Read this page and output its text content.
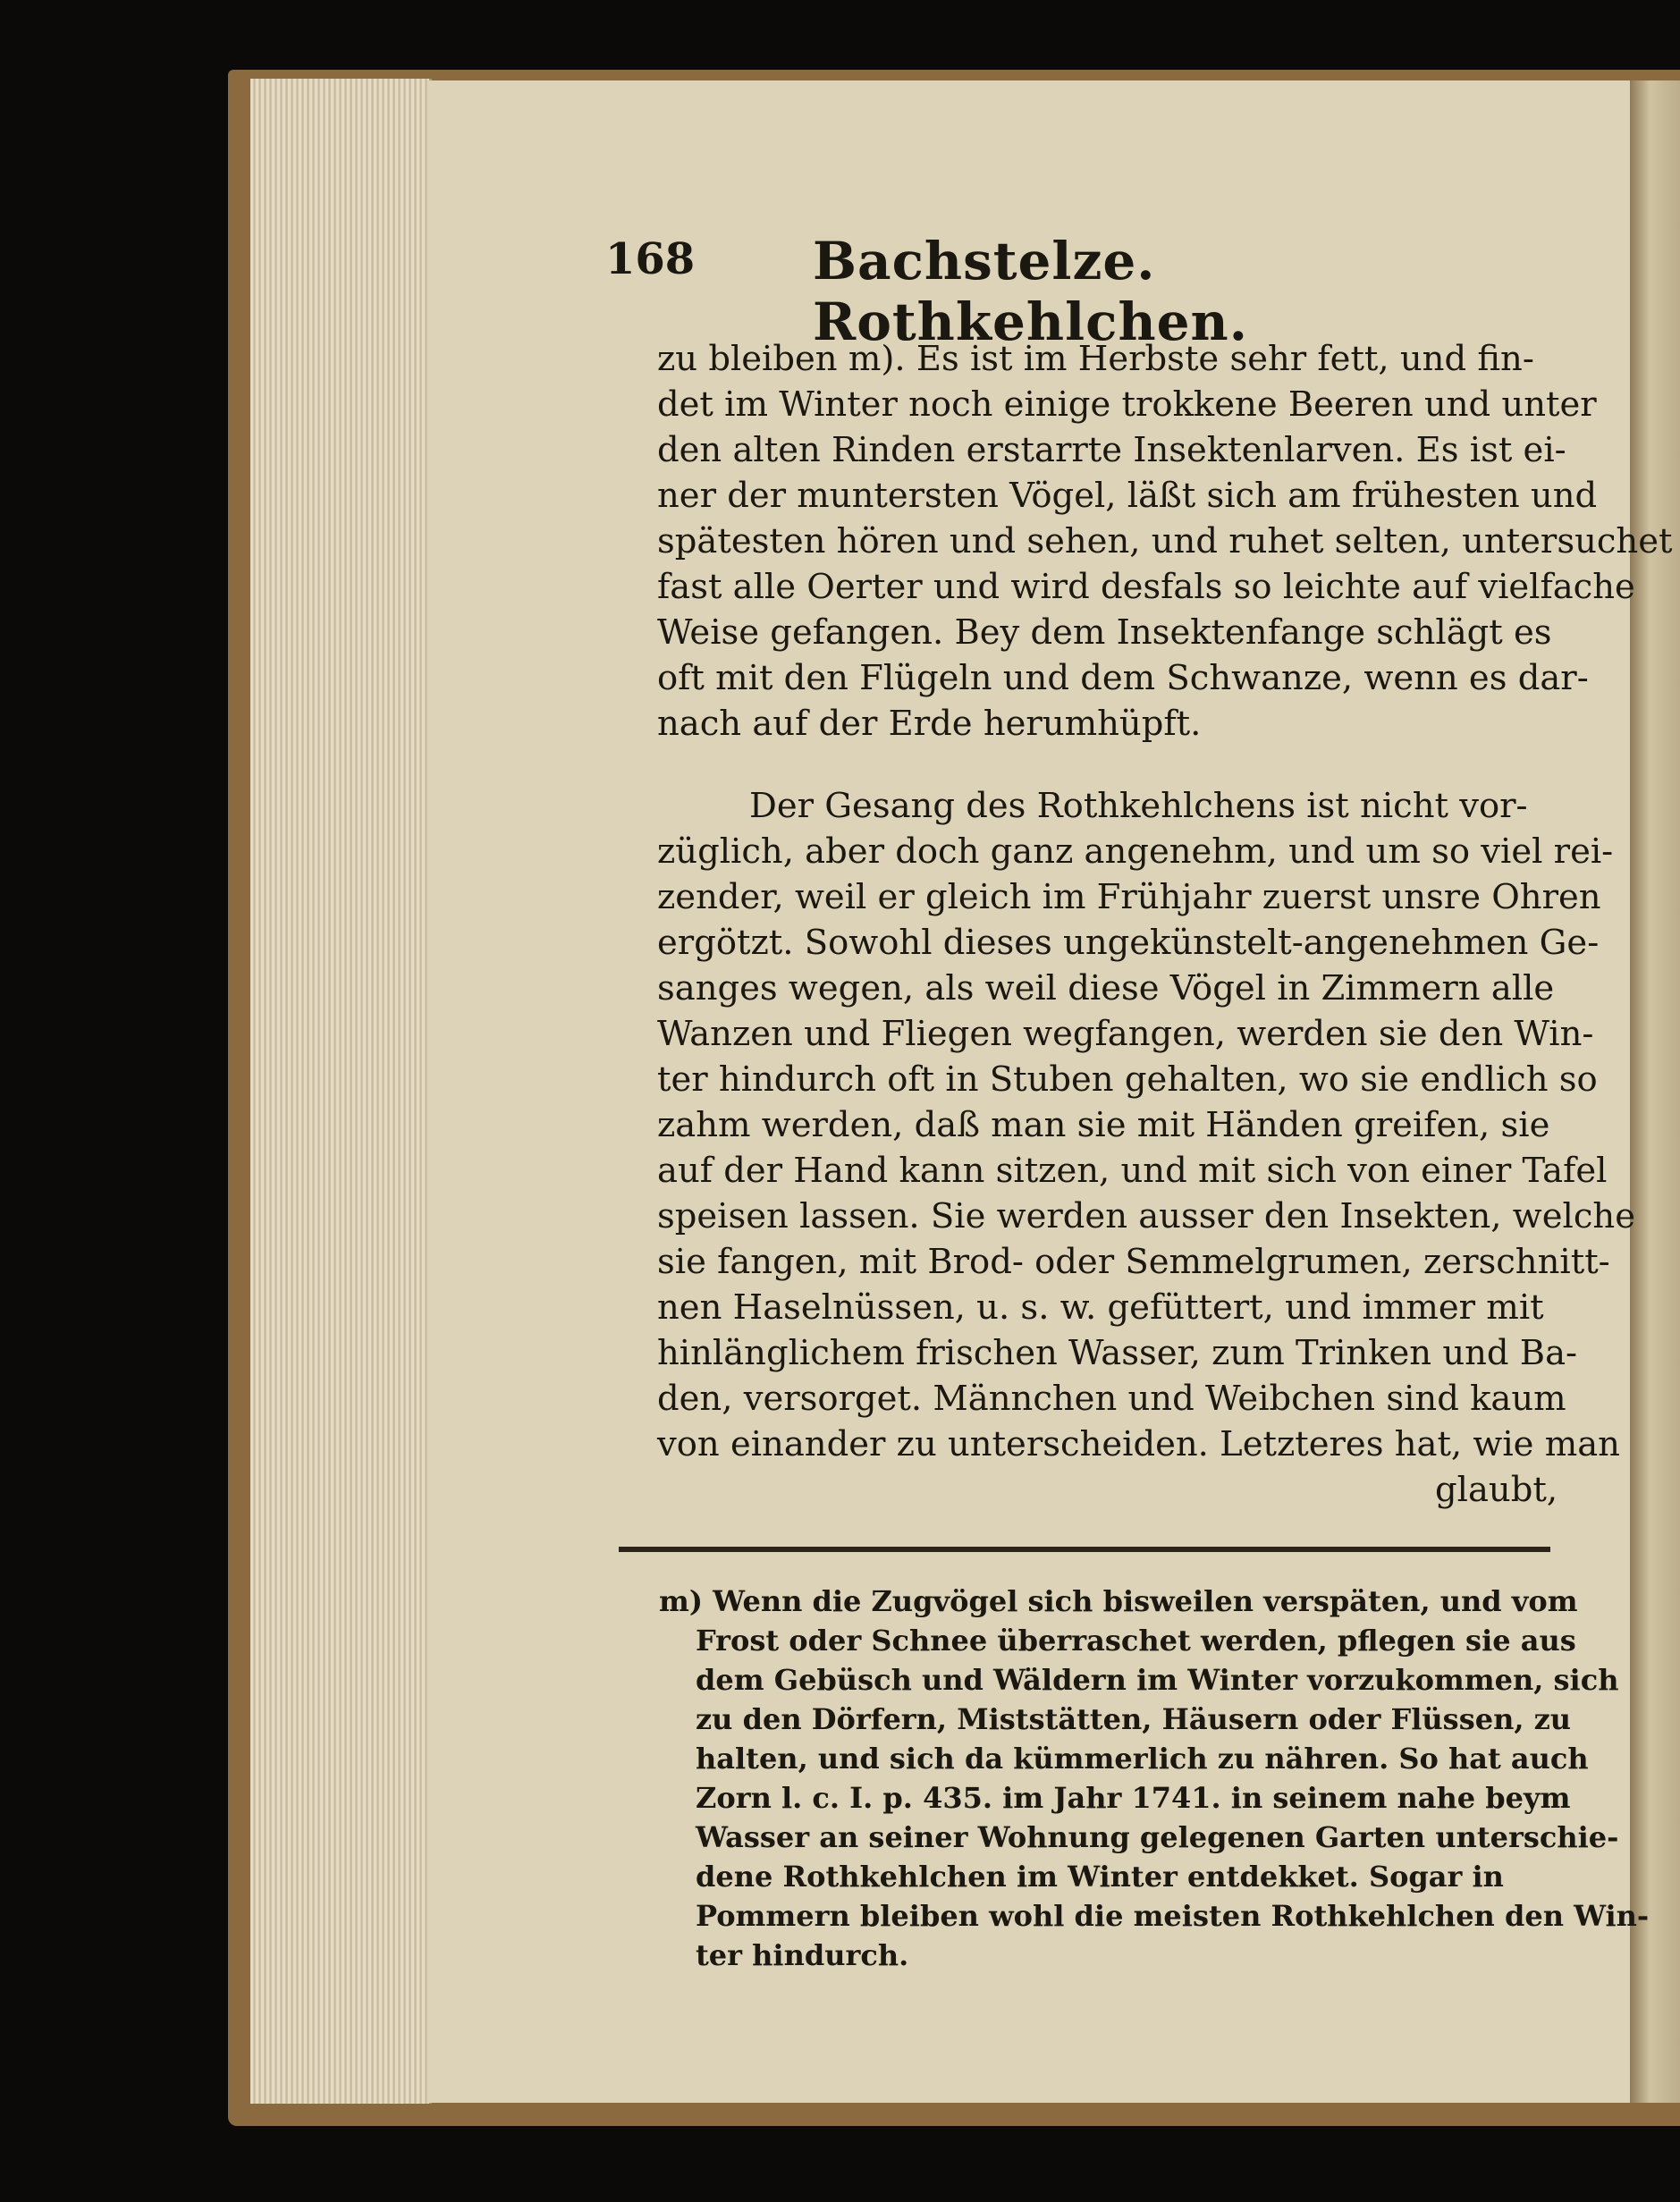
168 Bachstelze. Rothkehlchen.
zu bleiben m). Es ist im Herbste sehr fett, und fin-
det im Winter noch einige trokkene Beeren und unter
den alten Rinden erstarrte Insektenlarven. Es ist ei-
ner der muntersten Vögel, läßt sich am frühesten und
spätesten hören und sehen, und ruhet selten, untersuchet
fast alle Oerter und wird desfals so leichte auf vielfache
Weise gefangen. Bey dem Insektenfange schlägt es
oft mit den Flügeln und dem Schwanze, wenn es dar-
nach auf der Erde herumhüpft.
Der Gesang des Rothkehlchens ist nicht vor-
züglich, aber doch ganz angenehm, und um so viel rei-
zender, weil er gleich im Frühjahr zuerst unsre Ohren
ergötzt. Sowohl dieses ungekünstelt-angenehmen Ge-
sanges wegen, als weil diese Vögel in Zimmern alle
Wanzen und Fliegen wegfangen, werden sie den Win-
ter hindurch oft in Stuben gehalten, wo sie endlich so
zahm werden, daß man sie mit Händen greifen, sie
auf der Hand kann sitzen, und mit sich von einer Tafel
speisen lassen. Sie werden ausser den Insekten, welche
sie fangen, mit Brod- oder Semmelgrumen, zerschnitt-
nen Haselnüssen, u. s. w. gefüttert, und immer mit
hinlänglichem frischen Wasser, zum Trinken und Ba-
den, versorget. Männchen und Weibchen sind kaum
von einander zu unterscheiden. Letzteres hat, wie man
glaubt,
m) Wenn die Zugvögel sich bisweilen verspäten, und vom
Frost oder Schnee überraschet werden, pflegen sie aus
dem Gebüsch und Wäldern im Winter vorzukommen, sich
zu den Dörfern, Miststätten, Häusern oder Flüssen, zu
halten, und sich da kümmerlich zu nähren. So hat auch
Zorn l. c. I. p. 435. im Jahr 1741. in seinem nahe beym
Wasser an seiner Wohnung gelegenen Garten unterschie-
dene Rothkehlchen im Winter entdekket. Sogar in
Pommern bleiben wohl die meisten Rothkehlchen den Win-
ter hindurch.
